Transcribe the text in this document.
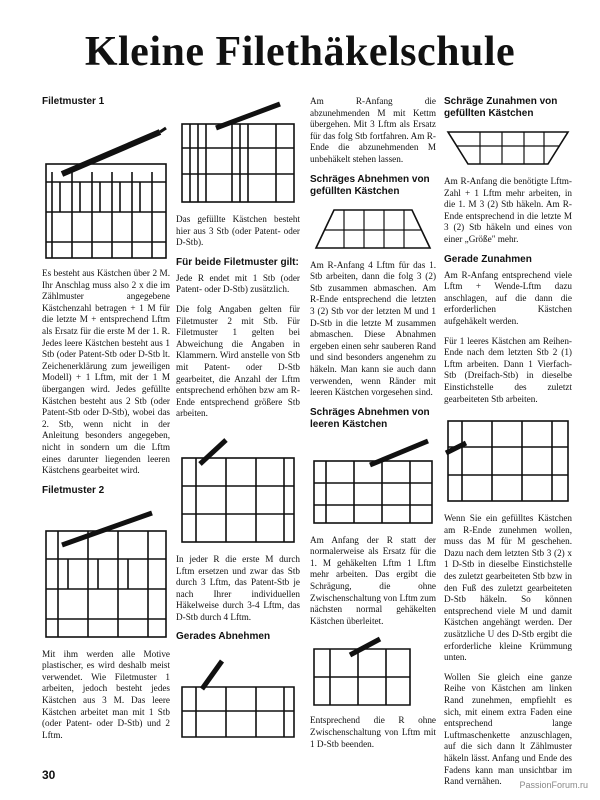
Kleine Filethäkelschule
Filetmuster 1

Es besteht aus Kästchen über 2 M. Ihr Anschlag muss also 2 x die im Zählmuster angegebene Kästchenzahl betragen + 1 M für die letzte M + entsprechend Lftm als Ersatz für die erste M der 1. R. Jedes leere Kästchen besteht aus 1 Stb (oder Patent-Stb oder D-Stb lt. Zeichenerklärung zum jeweiligen Modell) + 1 Lftm, mit der 1 M übergangen wird. Jedes gefüllte Kästchen besteht aus 2 Stb (oder Patent-Stb oder D-Stb), wobei das 2. Stb, wenn nicht in der Anleitung besonders angegeben, nicht in sondern um die Lftm eines darunter liegenden leeren Kästchens gearbeitet wird.

Filetmuster 2

Mit ihm werden alle Motive plastischer, es wird deshalb meist verwendet. Wie Filetmuster 1 arbeiten, jedoch besteht jedes Kästchen aus 3 M. Das leere Kästchen arbeitet man mit 1 Stb (oder Patent- oder D-Stb) und 2 Lftm.

Das gefüllte Kästchen besteht hier aus 3 Stb (oder Patent- oder D-Stb).

Für beide Filetmuster gilt:

Jede R endet mit 1 Stb (oder Patent- oder D-Stb) zusätzlich.

Die folg Angaben gelten für Filetmuster 2 mit Stb. Für Filetmuster 1 gelten bei Abweichung die Angaben in Klammern. Wird anstelle von Stb mit Patent- oder D-Stb gearbeitet, die Anzahl der Lftm entsprechend erhöhen bzw am R-Ende entsprechend größere Stb arbeiten.

In jeder R die erste M durch Lftm ersetzen und zwar das Stb durch 3 Lftm, das Patent-Stb je nach Ihrer individuellen Häkelweise durch 3-4 Lftm, das D-Stb durch 4 Lftm.

Gerades Abnehmen

Am R-Anfang die abzunehmenden M mit Kettm übergehen. Mit 3 Lftm als Ersatz für das folg Stb fortfahren. Am R-Ende die abzunehmenden M unbehäkelt stehen lassen.

Schräges Abnehmen von gefüllten Kästchen

Am R-Anfang 4 Lftm für das 1. Stb arbeiten, dann die folg 3 (2) Stb zusammen abmaschen. Am R-Ende entsprechend die letzten 3 (2) Stb vor der letzten M und 1 D-Stb in die letzte M zusammen abmaschen. Diese Abnahmen ergeben einen sehr sauberen Rand und sind besonders angenehm zu häkeln. Man kann sie auch dann verwenden, wenn Ränder mit leeren Kästchen vorgesehen sind.

Schräges Abnehmen von leeren Kästchen

Am Anfang der R statt der normalerweise als Ersatz für die 1. M gehäkelten Lftm 1 Lftm mehr arbeiten. Das ergibt die Schrägung, die ohne Zwischenschaltung von Lftm zum nächsten normal gehäkelten Kästchen überleitet.

Entsprechend die R ohne Zwischenschaltung von Lftm mit 1 D-Stb beenden.

Schräge Zunahmen von gefüllten Kästchen

Am R-Anfang die benötigte Lftm-Zahl + 1 Lftm mehr arbeiten, in die 1. M 3 (2) Stb häkeln. Am R-Ende entsprechend in die letzte M 3 (2) Stb häkeln und eines von einer „Größe" mehr.

Gerade Zunahmen

Am R-Anfang entsprechend viele Lftm + Wende-Lftm dazu anschlagen, auf die dann die erforderlichen Kästchen aufgehäkelt werden.

Für 1 leeres Kästchen am Reihen-Ende nach dem letzten Stb 2 (1) Lftm arbeiten. Dann 1 Vierfach-Stb (Dreifach-Stb) in dieselbe Einstichstelle des zuletzt gearbeiteten Stb arbeiten.

Wenn Sie ein gefülltes Kästchen am R-Ende zunehmen wollen, muss das M für M geschehen. Dazu nach dem letzten Stb 3 (2) x 1 D-Stb in dieselbe Einstichstelle des zuletzt gearbeiteten Stb bzw in den Fuß des zuletzt gearbeiteten D-Stb häkeln. So können entsprechend viele M und damit Kästchen angehängt werden. Der zusätzliche U des D-Stb ergibt die erforderliche kleine Krümmung unten.

Wollen Sie gleich eine ganze Reihe von Kästchen am linken Rand zunehmen, empfiehlt es sich, mit einem extra Faden eine entsprechend lange Luftmaschenkette anzuschlagen, auf die sich dann lt Zählmuster häkeln lässt. Anfang und Ende des Fadens kann man unsichtbar im Rand vernähen.

30
PassionForum.ru
